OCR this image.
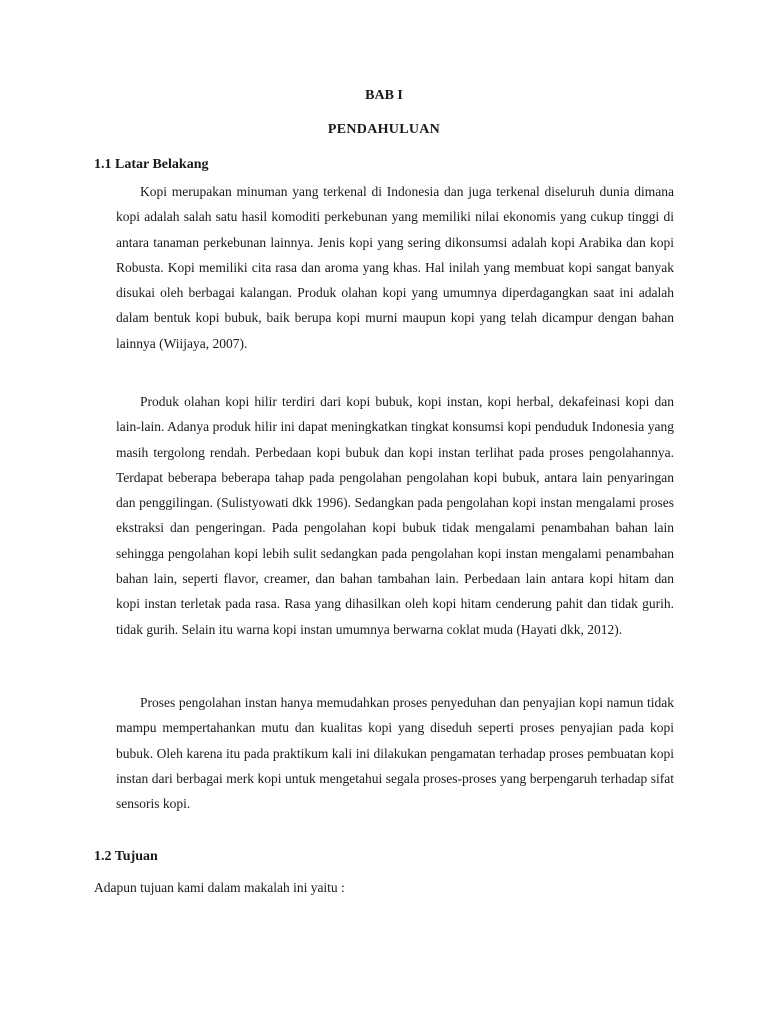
BAB I
PENDAHULUAN
1.1 Latar Belakang

Kopi merupakan minuman yang terkenal di Indonesia dan juga terkenal diseluruh dunia dimana kopi adalah salah satu hasil komoditi perkebunan yang memiliki nilai ekonomis yang cukup tinggi di antara tanaman perkebunan lainnya. Jenis kopi yang sering dikonsumsi adalah kopi Arabika dan kopi Robusta. Kopi memiliki cita rasa dan aroma yang khas. Hal inilah yang membuat kopi sangat banyak disukai oleh berbagai kalangan. Produk olahan kopi yang umumnya diperdagangkan saat ini adalah dalam bentuk kopi bubuk, baik berupa kopi murni maupun kopi yang telah dicampur dengan bahan lainnya (Wiijaya, 2007).

Produk olahan kopi hilir terdiri dari kopi bubuk, kopi instan, kopi herbal, dekafeinasi kopi dan lain-lain. Adanya produk hilir ini dapat meningkatkan tingkat konsumsi kopi penduduk Indonesia yang masih tergolong rendah. Perbedaan kopi bubuk dan kopi instan terlihat pada proses pengolahannya. Terdapat beberapa beberapa tahap pada pengolahan pengolahan kopi bubuk, antara lain penyaringan dan penggilingan. (Sulistyowati dkk 1996). Sedangkan pada pengolahan kopi instan mengalami proses ekstraksi dan pengeringan. Pada pengolahan kopi bubuk tidak mengalami penambahan bahan lain sehingga pengolahan kopi lebih sulit sedangkan pada pengolahan kopi instan mengalami penambahan bahan lain, seperti flavor, creamer, dan bahan tambahan lain. Perbedaan lain antara kopi hitam dan kopi instan terletak pada rasa. Rasa yang dihasilkan oleh kopi hitam cenderung pahit dan tidak gurih. tidak gurih. Selain itu warna kopi instan umumnya berwarna coklat muda (Hayati dkk, 2012).

Proses pengolahan instan hanya memudahkan proses penyeduhan dan penyajian kopi namun tidak mampu mempertahankan mutu dan kualitas kopi yang diseduh seperti proses penyajian pada kopi bubuk. Oleh karena itu pada praktikum kali ini dilakukan pengamatan terhadap proses pembuatan kopi instan dari berbagai merk kopi untuk mengetahui segala proses-proses yang berpengaruh terhadap sifat sensoris kopi.

1.2 Tujuan

Adapun tujuan kami dalam makalah ini yaitu :
